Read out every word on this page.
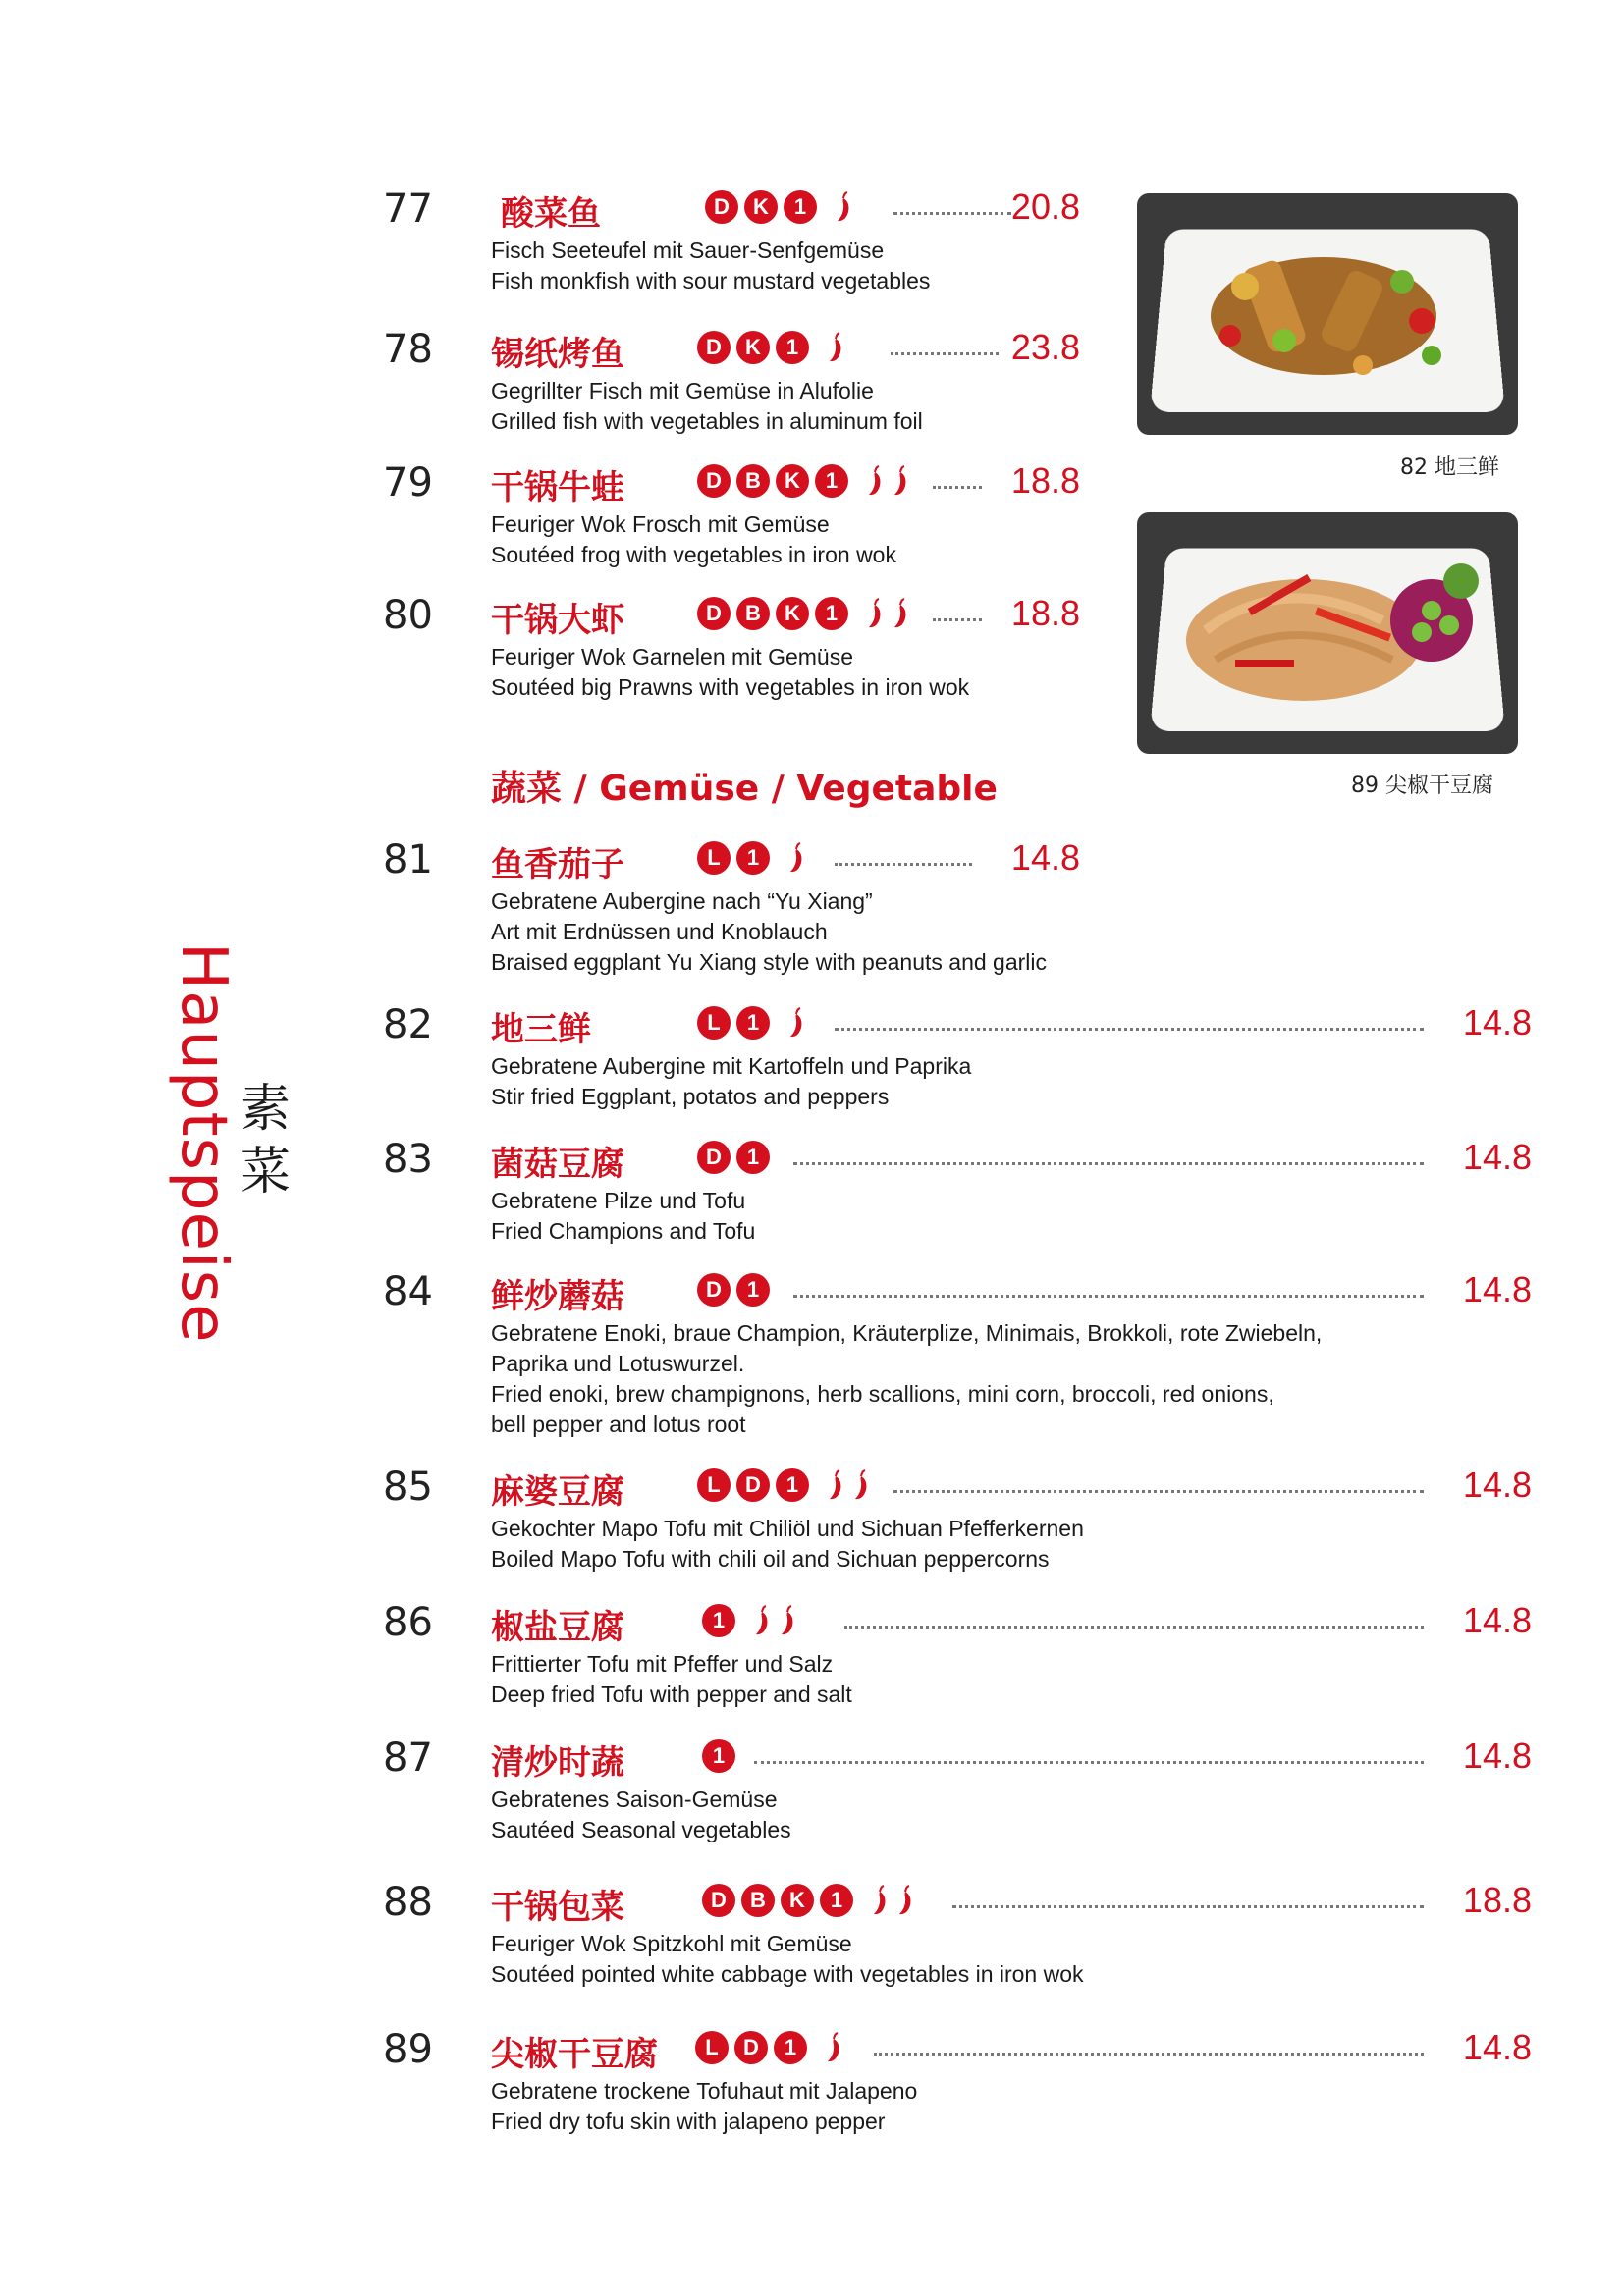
Hauptspeise 素菜
82 地三鲜
89 尖椒干豆腐
蔬菜 / Gemüse / Vegetable
77 酸菜鱼	D	K	1	20.8
Fisch Seeteufel mit Sauer-Senfgemüse
Fish monkfish with sour mustard vegetables
78 锡纸烤鱼	D	K	1	23.8
Gegrillter Fisch mit Gemüse in Alufolie
Grilled fish with vegetables in aluminum foil
79 干锅牛蛙	D	B	K	1	18.8
Feuriger Wok Frosch mit Gemüse
Soutéed frog with vegetables in iron wok
80 干锅大虾	D	B	K	1	18.8
Feuriger Wok Garnelen mit Gemüse
Soutéed big Prawns with vegetables in iron wok
81 鱼香茄子	L	1	14.8
Gebratene Aubergine nach “Yu Xiang”
Art mit Erdnüssen und Knoblauch
Braised eggplant Yu Xiang style with peanuts and garlic
82 地三鲜	L	1	14.8
Gebratene Aubergine mit Kartoffeln und Paprika
Stir fried Eggplant, potatos and peppers
83 菌菇豆腐	D	1	14.8
Gebratene Pilze und Tofu
Fried Champions and Tofu
84 鲜炒蘑菇	D	1	14.8
Gebratene Enoki, braue Champion, Kräuterplize, Minimais, Brokkoli, rote Zwiebeln,
Paprika und Lotuswurzel.
Fried enoki, brew champignons, herb scallions, mini corn, broccoli, red onions,
bell pepper and lotus root
85 麻婆豆腐	L	D	1	14.8
Gekochter Mapo Tofu mit Chiliöl und Sichuan Pfefferkernen
Boiled Mapo Tofu with chili oil and Sichuan peppercorns
86 椒盐豆腐	1	14.8
Frittierter Tofu mit Pfeffer und Salz
Deep fried Tofu with pepper and salt
87 清炒时蔬	1	14.8
Gebratenes Saison-Gemüse
Sautéed Seasonal vegetables
88 干锅包菜	D	B	K	1	18.8
Feuriger Wok Spitzkohl mit Gemüse
Soutéed pointed white cabbage with vegetables in iron wok
89 尖椒干豆腐	L	D	1	14.8
Gebratene trockene Tofuhaut mit Jalapeno
Fried dry tofu skin with jalapeno pepper
